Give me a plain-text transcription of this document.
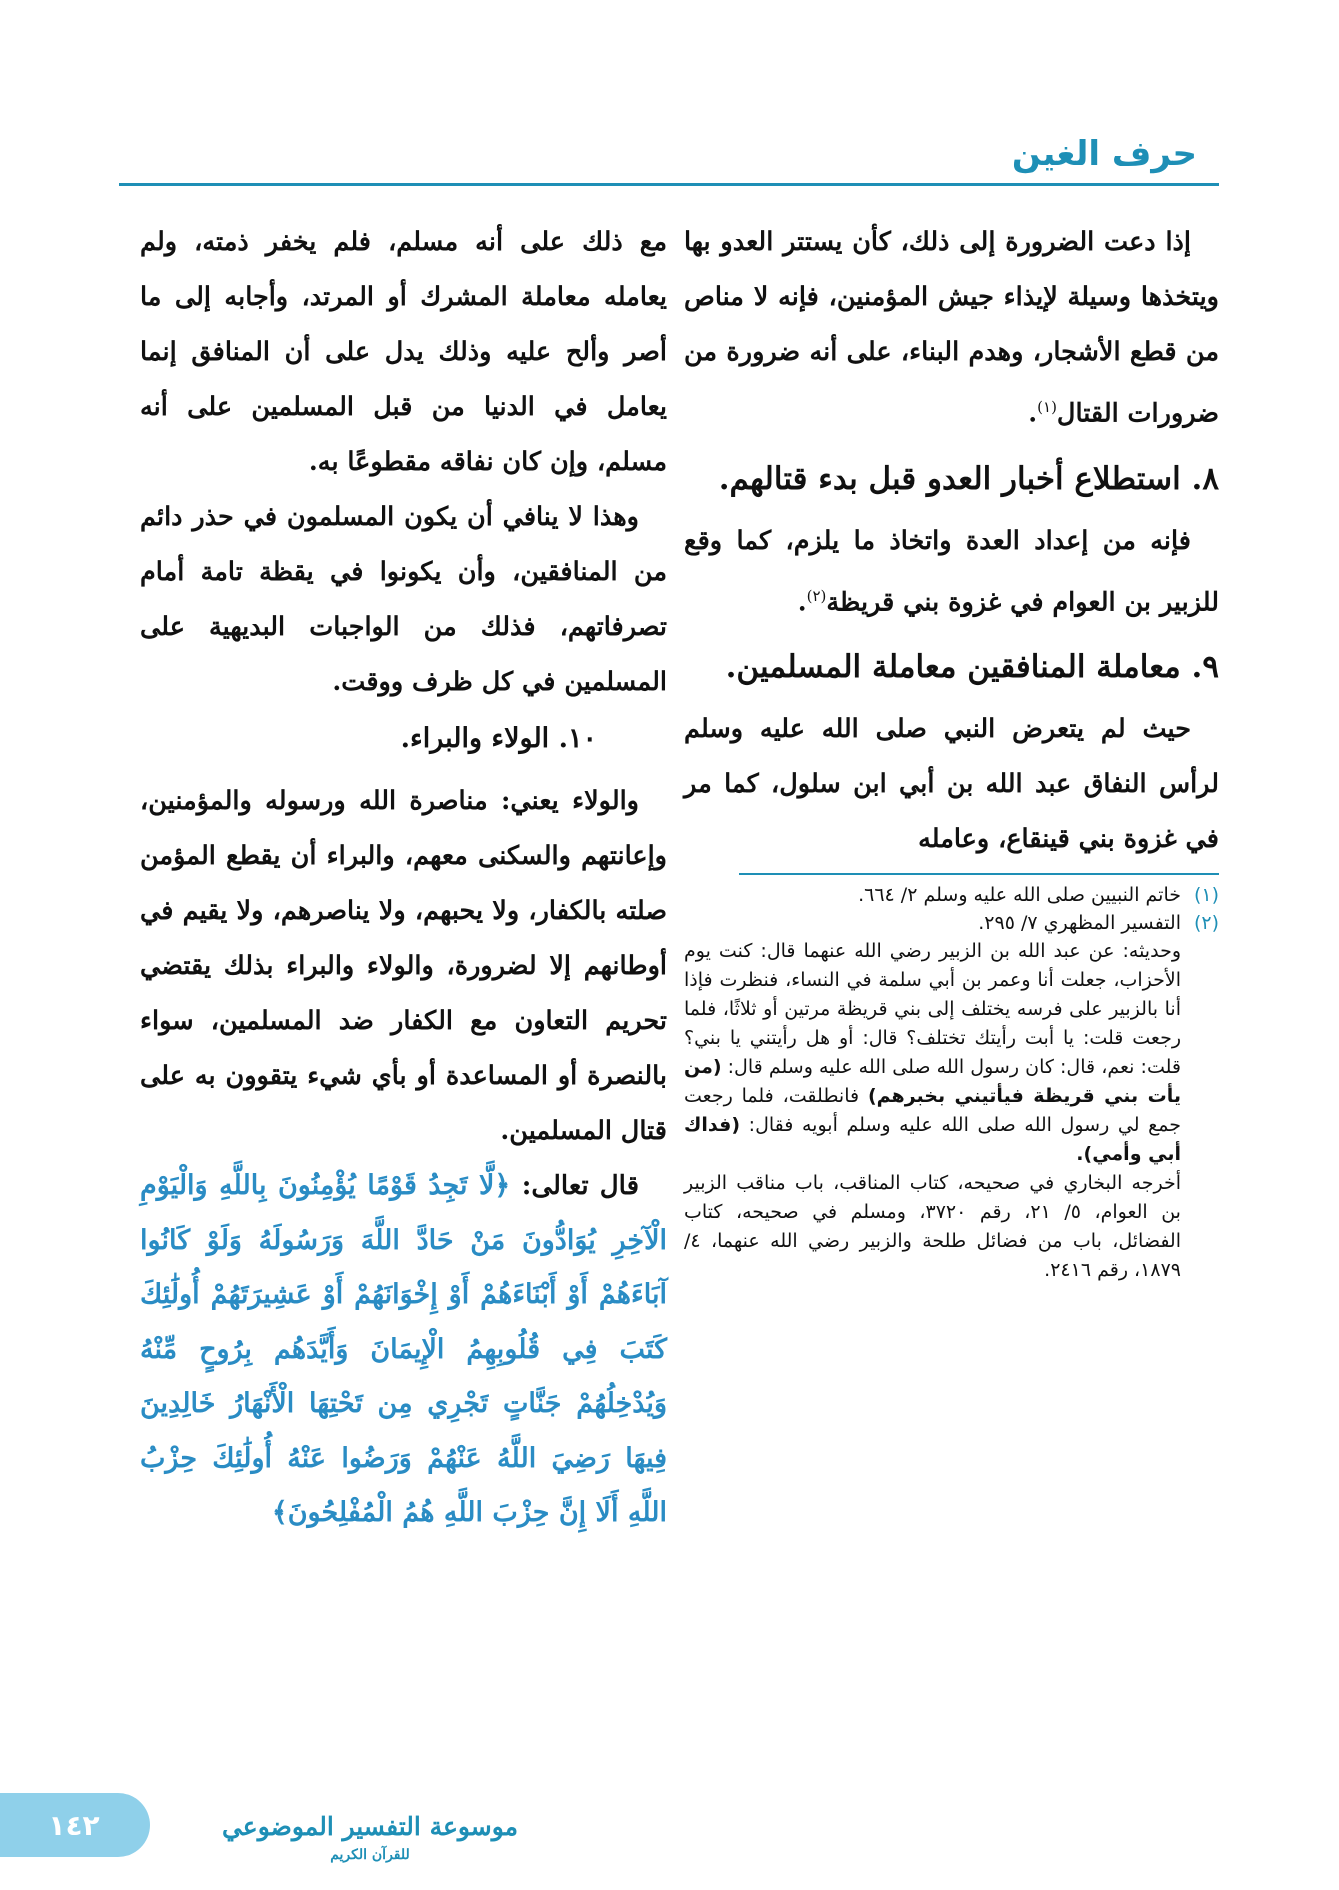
حرف الغين

إذا دعت الضرورة إلى ذلك، كأن يستتر العدو بها ويتخذها وسيلة لإيذاء جيش المؤمنين، فإنه لا مناص من قطع الأشجار، وهدم البناء، على أنه ضرورة من ضرورات القتال$^{(١)}$.

٨. استطلاع أخبار العدو قبل بدء قتالهم.

فإنه من إعداد العدة واتخاذ ما يلزم، كما وقع للزبير بن العوام في غزوة بني قريظة$^{(٢)}$.

٩. معاملة المنافقين معاملة المسلمين.

حيث لم يتعرض النبي صلى الله عليه وسلم لرأس النفاق عبد الله بن أبي ابن سلول، كما مر في غزوة بني قينقاع، وعامله

(١)
خاتم النبيين صلى الله عليه وسلم ٢/ ٦٦٤.
(٢)
التفسير المظهري ٧/ ٢٩٥.

وحديثه: عن عبد الله بن الزبير رضي الله عنهما قال: كنت يوم الأحزاب، جعلت أنا وعمر بن أبي سلمة في النساء، فنظرت فإذا أنا بالزبير على فرسه يختلف إلى بني قريظة مرتين أو ثلاثًا، فلما رجعت قلت: يا أبت رأيتك تختلف؟ قال: أو هل رأيتني يا بني؟ قلت: نعم، قال: كان رسول الله صلى الله عليه وسلم قال: (من يأت بني قريظة فيأتيني بخبرهم) فانطلقت، فلما رجعت جمع لي رسول الله صلى الله عليه وسلم أبويه فقال: (فداك أبي وأمي).

أخرجه البخاري في صحيحه، كتاب المناقب، باب مناقب الزبير بن العوام، ٥/ ٢١، رقم ٣٧٢٠، ومسلم في صحيحه، كتاب الفضائل، باب من فضائل طلحة والزبير رضي الله عنهما، ٤/ ١٨٧٩، رقم ٢٤١٦.

مع ذلك على أنه مسلم، فلم يخفر ذمته، ولم يعامله معاملة المشرك أو المرتد، وأجابه إلى ما أصر وألح عليه وذلك يدل على أن المنافق إنما يعامل في الدنيا من قبل المسلمين على أنه مسلم، وإن كان نفاقه مقطوعًا به.

وهذا لا ينافي أن يكون المسلمون في حذر دائم من المنافقين، وأن يكونوا في يقظة تامة أمام تصرفاتهم، فذلك من الواجبات البديهية على المسلمين في كل ظرف ووقت.

١٠. الولاء والبراء.

والولاء يعني: مناصرة الله ورسوله والمؤمنين، وإعانتهم والسكنى معهم، والبراء أن يقطع المؤمن صلته بالكفار، ولا يحبهم، ولا يناصرهم، ولا يقيم في أوطانهم إلا لضرورة، والولاء والبراء بذلك يقتضي تحريم التعاون مع الكفار ضد المسلمين، سواء بالنصرة أو المساعدة أو بأي شيء يتقوون به على قتال المسلمين.

قال تعالى: ﴿لَّا تَجِدُ قَوْمًا يُؤْمِنُونَ بِاللَّهِ وَالْيَوْمِ الْآخِرِ يُوَادُّونَ مَنْ حَادَّ اللَّهَ وَرَسُولَهُ وَلَوْ كَانُوا آبَاءَهُمْ أَوْ أَبْنَاءَهُمْ أَوْ إِخْوَانَهُمْ أَوْ عَشِيرَتَهُمْ أُولَٰئِكَ كَتَبَ فِي قُلُوبِهِمُ الْإِيمَانَ وَأَيَّدَهُم بِرُوحٍ مِّنْهُ وَيُدْخِلُهُمْ جَنَّاتٍ تَجْرِي مِن تَحْتِهَا الْأَنْهَارُ خَالِدِينَ فِيهَا رَضِيَ اللَّهُ عَنْهُمْ وَرَضُوا عَنْهُ أُولَٰئِكَ حِزْبُ اللَّهِ أَلَا إِنَّ حِزْبَ اللَّهِ هُمُ الْمُفْلِحُونَ﴾

موسوعة التفسير الموضوعي
للقرآن الكريم
١٤٢
